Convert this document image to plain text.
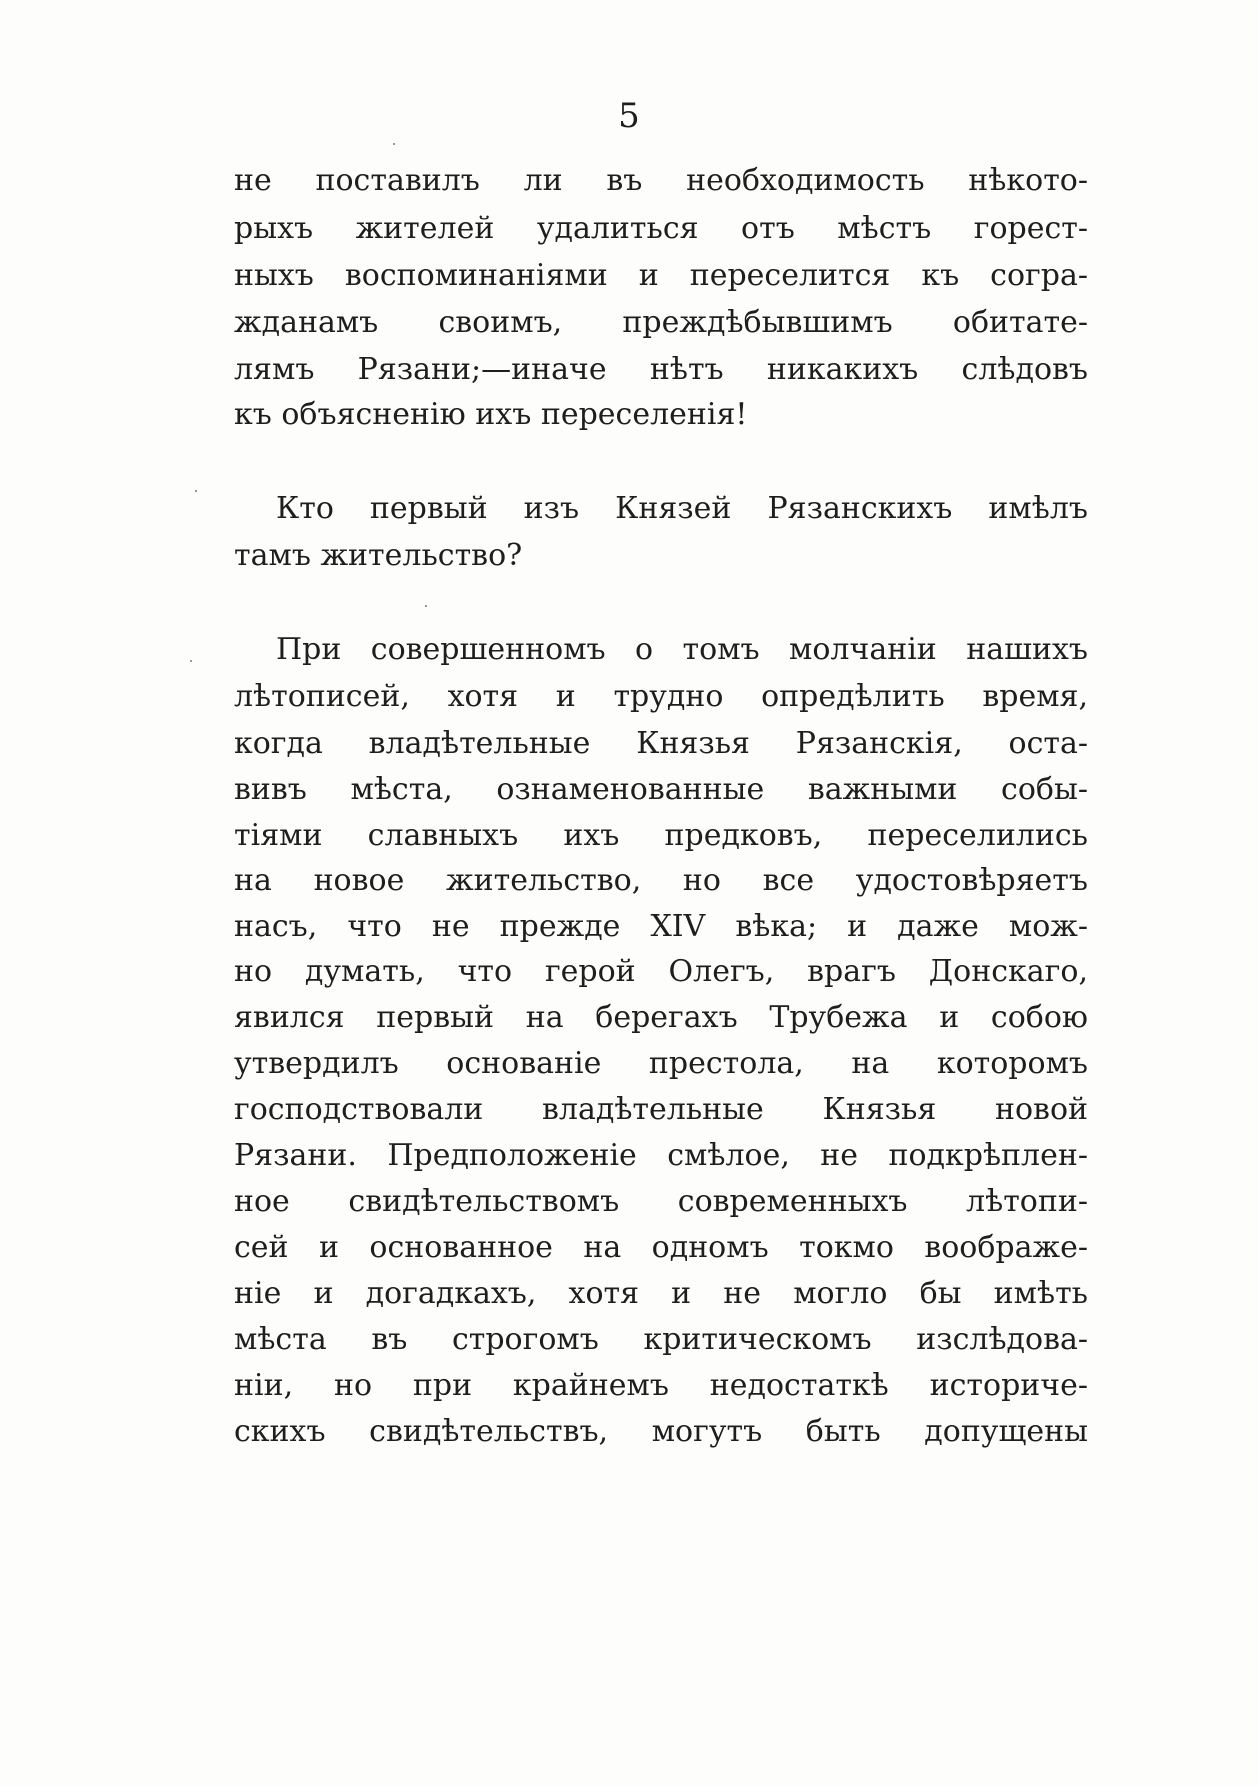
5
не поставилъ ли въ необходимость нѣкото-
рыхъ жителей удалиться отъ мѣстъ горест-
ныхъ воспоминаніями и переселится къ согра-
жданамъ своимъ, преждѣбывшимъ обитате-
лямъ Рязани;—иначе нѣтъ никакихъ слѣдовъ
къ объясненію ихъ переселенія!
Кто первый изъ Князей Рязанскихъ имѣлъ
тамъ жительство?
При совершенномъ о томъ молчаніи нашихъ
лѣтописей, хотя и трудно опредѣлить время,
когда владѣтельные Князья Рязанскія, оста-
вивъ мѣста, ознаменованные важными собы-
тіями славныхъ ихъ предковъ, переселились
на новое жительство, но все удостовѣряетъ
насъ, что не прежде XIV вѣка; и даже мож-
но думать, что герой Олегъ, врагъ Донскаго,
явился первый на берегахъ Трубежа и собою
утвердилъ основаніе престола, на которомъ
господствовали владѣтельные Князья новой
Рязани. Предположеніе смѣлое, не подкрѣплен-
ное свидѣтельствомъ современныхъ лѣтопи-
сей и основанное на одномъ токмо воображе-
ніе и догадкахъ, хотя и не могло бы имѣть
мѣста въ строгомъ критическомъ изслѣдова-
ніи, но при крайнемъ недостаткѣ историче-
скихъ свидѣтельствъ, могутъ быть допущены
